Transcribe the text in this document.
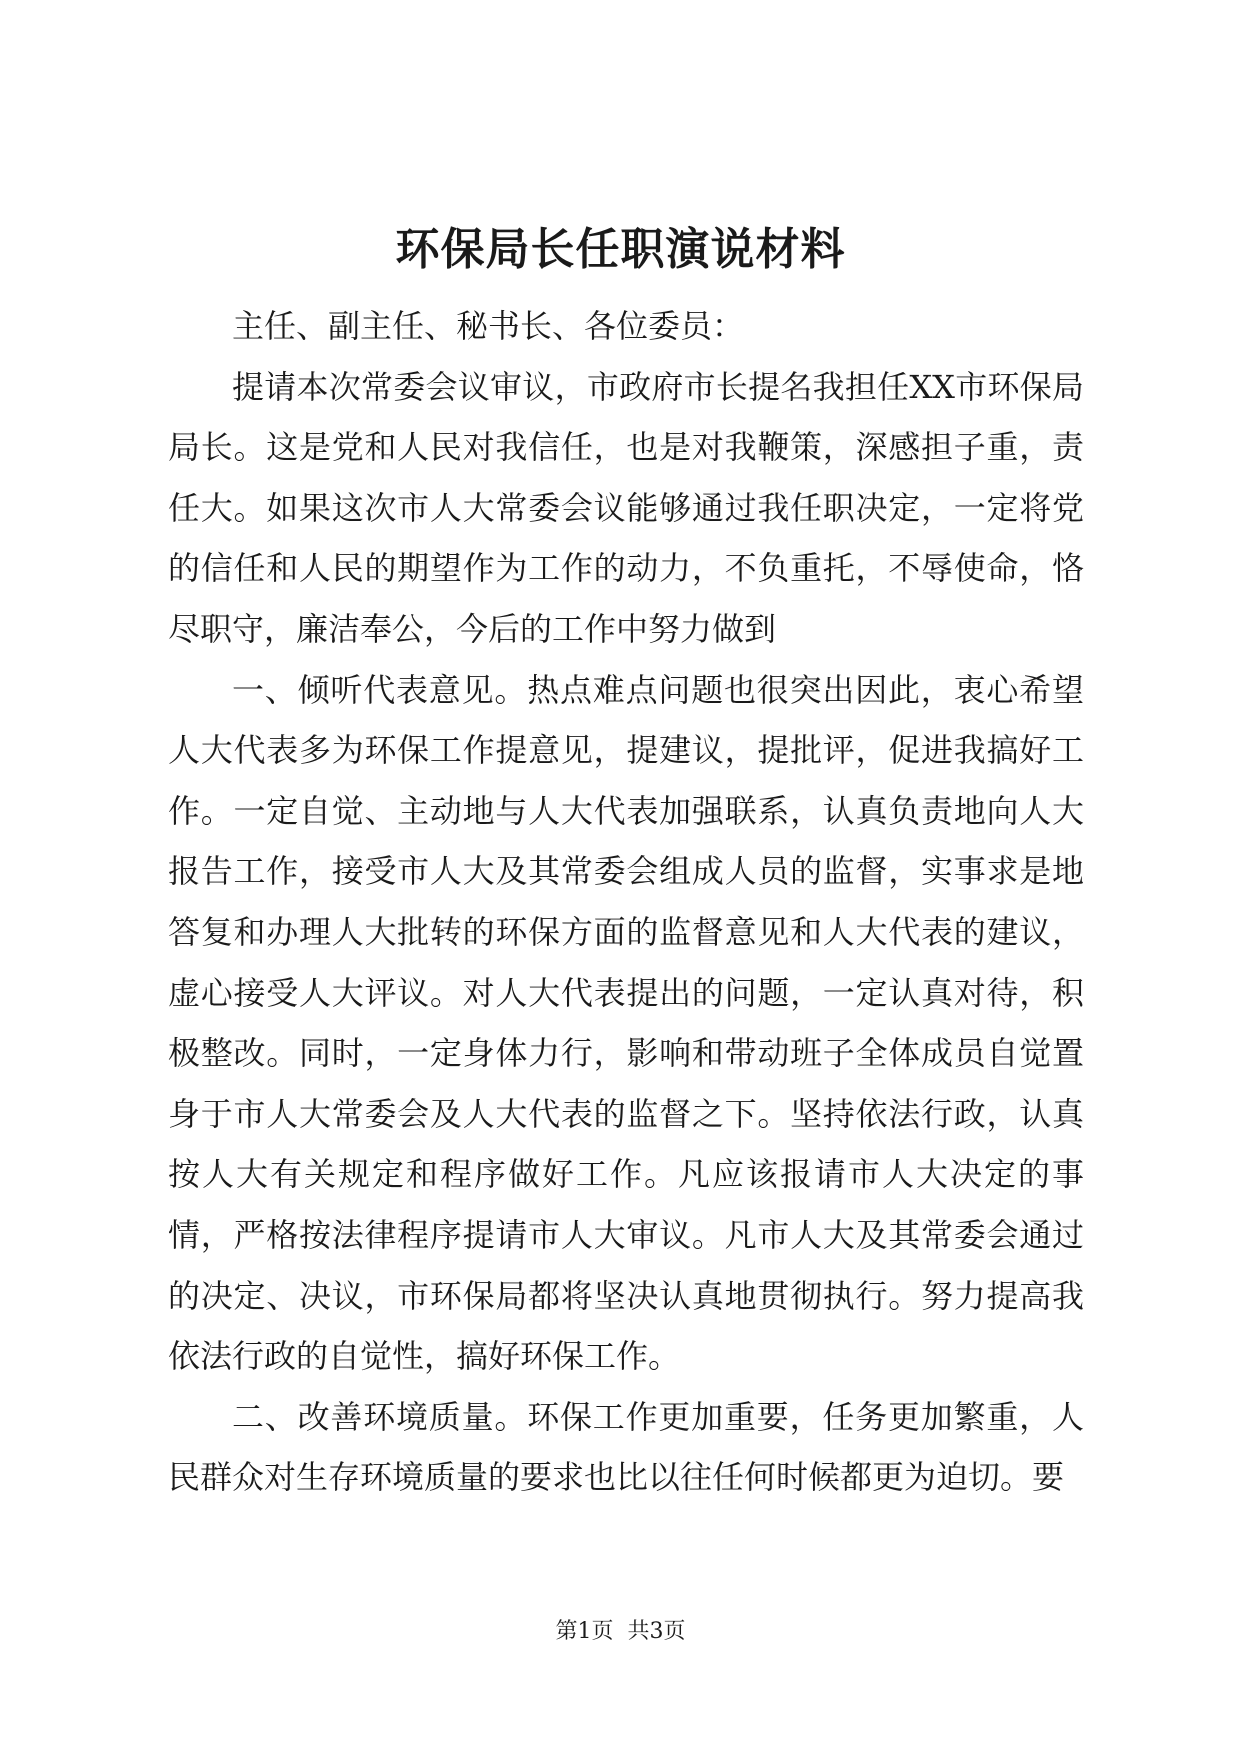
环保局长任职演说材料

主任、副主任、秘书长、各位委员：

提请本次常委会议审议，市政府市长提名我担任XX市环保局局长。这是党和人民对我信任，也是对我鞭策，深感担子重，责任大。如果这次市人大常委会议能够通过我任职决定，一定将党的信任和人民的期望作为工作的动力，不负重托，不辱使命，恪尽职守，廉洁奉公，今后的工作中努力做到

一、倾听代表意见。热点难点问题也很突出因此，衷心希望人大代表多为环保工作提意见，提建议，提批评，促进我搞好工作。一定自觉、主动地与人大代表加强联系，认真负责地向人大报告工作，接受市人大及其常委会组成人员的监督，实事求是地答复和办理人大批转的环保方面的监督意见和人大代表的建议，虚心接受人大评议。对人大代表提出的问题，一定认真对待，积极整改。同时，一定身体力行，影响和带动班子全体成员自觉置身于市人大常委会及人大代表的监督之下。坚持依法行政，认真按人大有关规定和程序做好工作。凡应该报请市人大决定的事情，严格按法律程序提请市人大审议。凡市人大及其常委会通过的决定、决议，市环保局都将坚决认真地贯彻执行。努力提高我依法行政的自觉性，搞好环保工作。

二、改善环境质量。环保工作更加重要，任务更加繁重，人民群众对生存环境质量的要求也比以往任何时候都更为迫切。要

第1页 共3页
